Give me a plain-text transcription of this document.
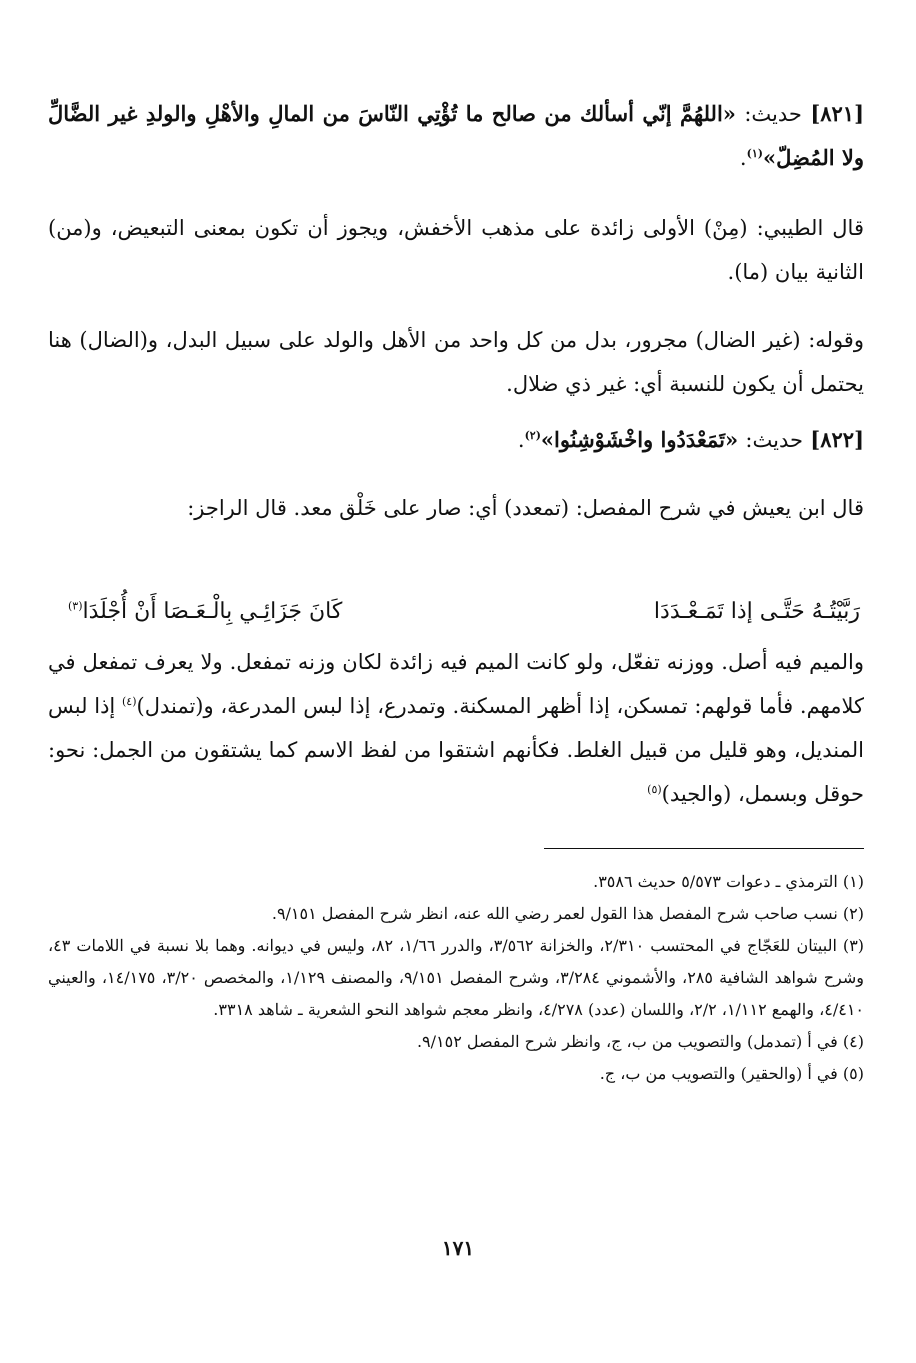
[٨٢١] حديث: «اللهُمَّ إنّي أسألك من صالح ما تُؤْتِي النّاسَ من المالِ والأهْلِ والولدِ غير الضَّالِّ ولا المُضِلّ»$^{(١)}$.

قال الطيبي: (مِنْ) الأولى زائدة على مذهب الأخفش، ويجوز أن تكون بمعنى التبعيض، و(من) الثانية بيان (ما).

وقوله: (غير الضال) مجرور، بدل من كل واحد من الأهل والولد على سبيل البدل، و(الضال) هنا يحتمل أن يكون للنسبة أي: غير ذي ضلال.

[٨٢٢] حديث: «تَمَعْدَدُوا واخْشَوْشِنُوا»$^{(٢)}$.

قال ابن يعيش في شرح المفصل: (تمعدد) أي: صار على خَلْق معد. قال الراجز:

رَبَّيْتُـهُ حَتَّـى إذا تَمَـعْـدَدَا
كَانَ جَزَائِـي بِالْـعَـصَا أَنْ أُجْلَدَا$^{(٣)}$

والميم فيه أصل. ووزنه تفعّل، ولو كانت الميم فيه زائدة لكان وزنه تمفعل. ولا يعرف تمفعل في كلامهم. فأما قولهم: تمسكن، إذا أظهر المسكنة. وتمدرع، إذا لبس المدرعة، و(تمندل)$^{(٤)}$ إذا لبس المنديل، وهو قليل من قبيل الغلط. فكأنهم اشتقوا من لفظ الاسم كما يشتقون من الجمل: نحو: حوقل وبسمل، (والجيد)$^{(٥)}$

(١) الترمذي ـ دعوات ٥/٥٧٣ حديث ٣٥٨٦.

(٢) نسب صاحب شرح المفصل هذا القول لعمر رضي الله عنه، انظر شرح المفصل ٩/١٥١.

(٣) البيتان للعَجّاج في المحتسب ٢/٣١٠، والخزانة ٣/٥٦٢، والدرر ١/٦٦، ٨٢، وليس في ديوانه. وهما بلا نسبة في اللامات ٤٣، وشرح شواهد الشافية ٢٨٥، والأشموني ٣/٢٨٤، وشرح المفصل ٩/١٥١، والمصنف ١/١٢٩، والمخصص ٣/٢٠، ١٤/١٧٥، والعيني ٤/٤١٠، والهمع ١/١١٢، ٢/٢، واللسان (عدد) ٤/٢٧٨، وانظر معجم شواهد النحو الشعرية ـ شاهد ٣٣١٨.

(٤) في أ (تمدمل) والتصويب من ب، ج، وانظر شرح المفصل ٩/١٥٢.

(٥) في أ (والحقير) والتصويب من ب، ج.

١٧١
